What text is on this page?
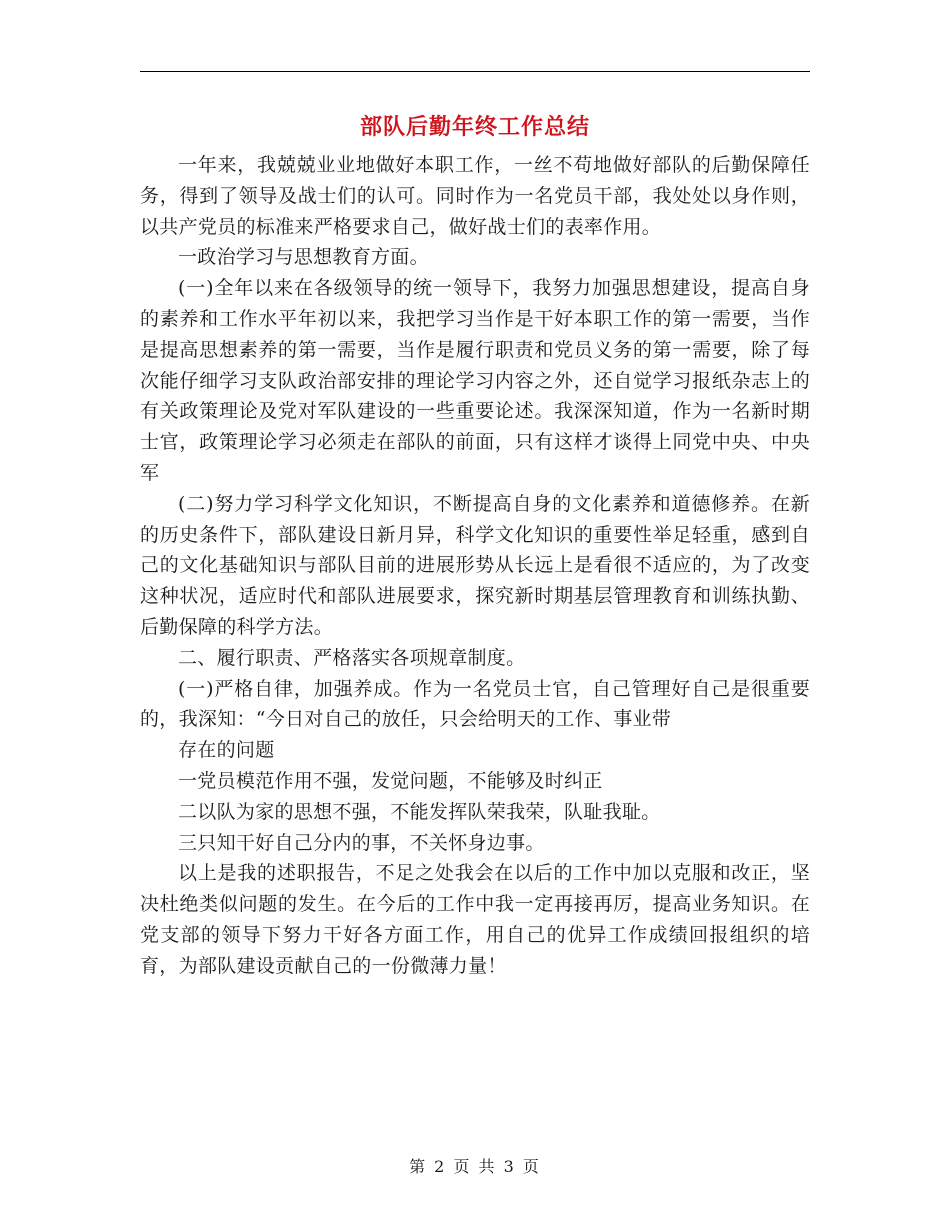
部队后勤年终工作总结

一年来，我兢兢业业地做好本职工作，一丝不苟地做好部队的后勤保障任务，得到了领导及战士们的认可。同时作为一名党员干部，我处处以身作则，以共产党员的标准来严格要求自己，做好战士们的表率作用。

一政治学习与思想教育方面。

(一)全年以来在各级领导的统一领导下，我努力加强思想建设，提高自身的素养和工作水平年初以来，我把学习当作是干好本职工作的第一需要，当作是提高思想素养的第一需要，当作是履行职责和党员义务的第一需要，除了每次能仔细学习支队政治部安排的理论学习内容之外，还自觉学习报纸杂志上的有关政策理论及党对军队建设的一些重要论述。我深深知道，作为一名新时期士官，政策理论学习必须走在部队的前面，只有这样才谈得上同党中央、中央军

(二)努力学习科学文化知识，不断提高自身的文化素养和道德修养。在新的历史条件下，部队建设日新月异，科学文化知识的重要性举足轻重，感到自己的文化基础知识与部队目前的进展形势从长远上是看很不适应的，为了改变这种状况，适应时代和部队进展要求，探究新时期基层管理教育和训练执勤、后勤保障的科学方法。

二、履行职责、严格落实各项规章制度。

(一)严格自律，加强养成。作为一名党员士官，自己管理好自己是很重要的，我深知：“今日对自己的放任，只会给明天的工作、事业带

存在的问题

一党员模范作用不强，发觉问题，不能够及时纠正

二以队为家的思想不强，不能发挥队荣我荣，队耻我耻。

三只知干好自己分内的事，不关怀身边事。

以上是我的述职报告，不足之处我会在以后的工作中加以克服和改正，坚决杜绝类似问题的发生。在今后的工作中我一定再接再厉，提高业务知识。在党支部的领导下努力干好各方面工作，用自己的优异工作成绩回报组织的培育，为部队建设贡献自己的一份微薄力量！

第 2 页 共 3 页
